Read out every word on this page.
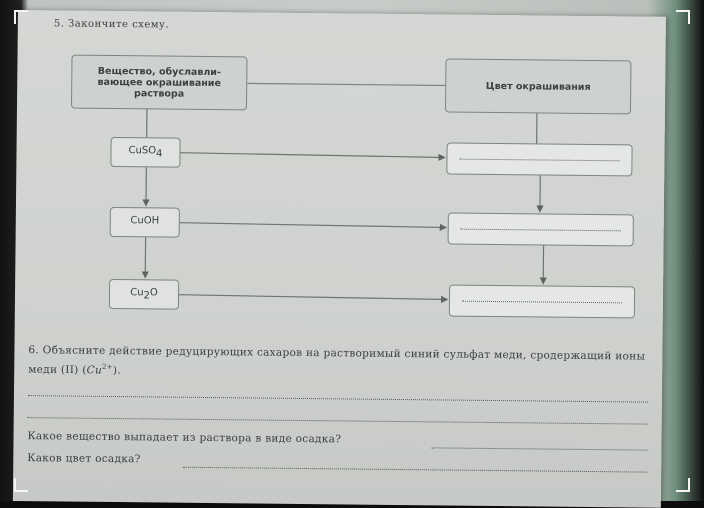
5. Закончите схему.
Вещество, обуславли-
вающее окрашивание
раствора
Цвет окрашивания
CuSO$_4$
CuOH
$Cu_2O$
6. Объясните действие редуцирующих сахаров на растворимый синий сульфат меди, сродержащий ионы меди (II) $(Cu^{2+})$.
Какое вещество выпадает из раствора в виде осадка?
Каков цвет осадка?
